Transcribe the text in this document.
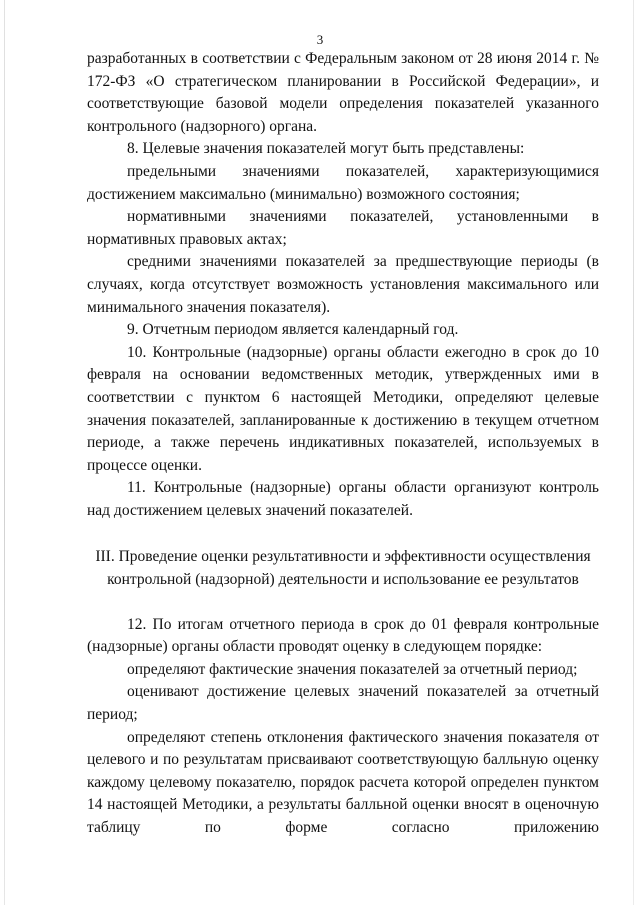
3

разработанных в соответствии с Федеральным законом от 28 июня 2014 г. № 172-ФЗ «О стратегическом планировании в Российской Федерации», и соответствующие базовой модели определения показателей указанного контрольного (надзорного) органа.

8. Целевые значения показателей могут быть представлены:

предельными значениями показателей, характеризующимися достижением максимально (минимально) возможного состояния;

нормативными значениями показателей, установленными в нормативных правовых актах;

средними значениями показателей за предшествующие периоды (в случаях, когда отсутствует возможность установления максимального или минимального значения показателя).

9. Отчетным периодом является календарный год.

10. Контрольные (надзорные) органы области ежегодно в срок до 10 февраля на основании ведомственных методик, утвержденных ими в соответствии с пунктом 6 настоящей Методики, определяют целевые значения показателей, запланированные к достижению в текущем отчетном периоде, а также перечень индикативных показателей, используемых в процессе оценки.

11. Контрольные (надзорные) органы области организуют контроль над достижением целевых значений показателей.

III. Проведение оценки результативности и эффективности осуществления контрольной (надзорной) деятельности и использование ее результатов

12. По итогам отчетного периода в срок до 01 февраля контрольные (надзорные) органы области проводят оценку в следующем порядке:

определяют фактические значения показателей за отчетный период;

оценивают достижение целевых значений показателей за отчетный период;

определяют степень отклонения фактического значения показателя от целевого и по результатам присваивают соответствующую балльную оценку каждому целевому показателю, порядок расчета которой определен пунктом 14 настоящей Методики, а результаты балльной оценки вносят в оценочную таблицу по форме согласно приложению
